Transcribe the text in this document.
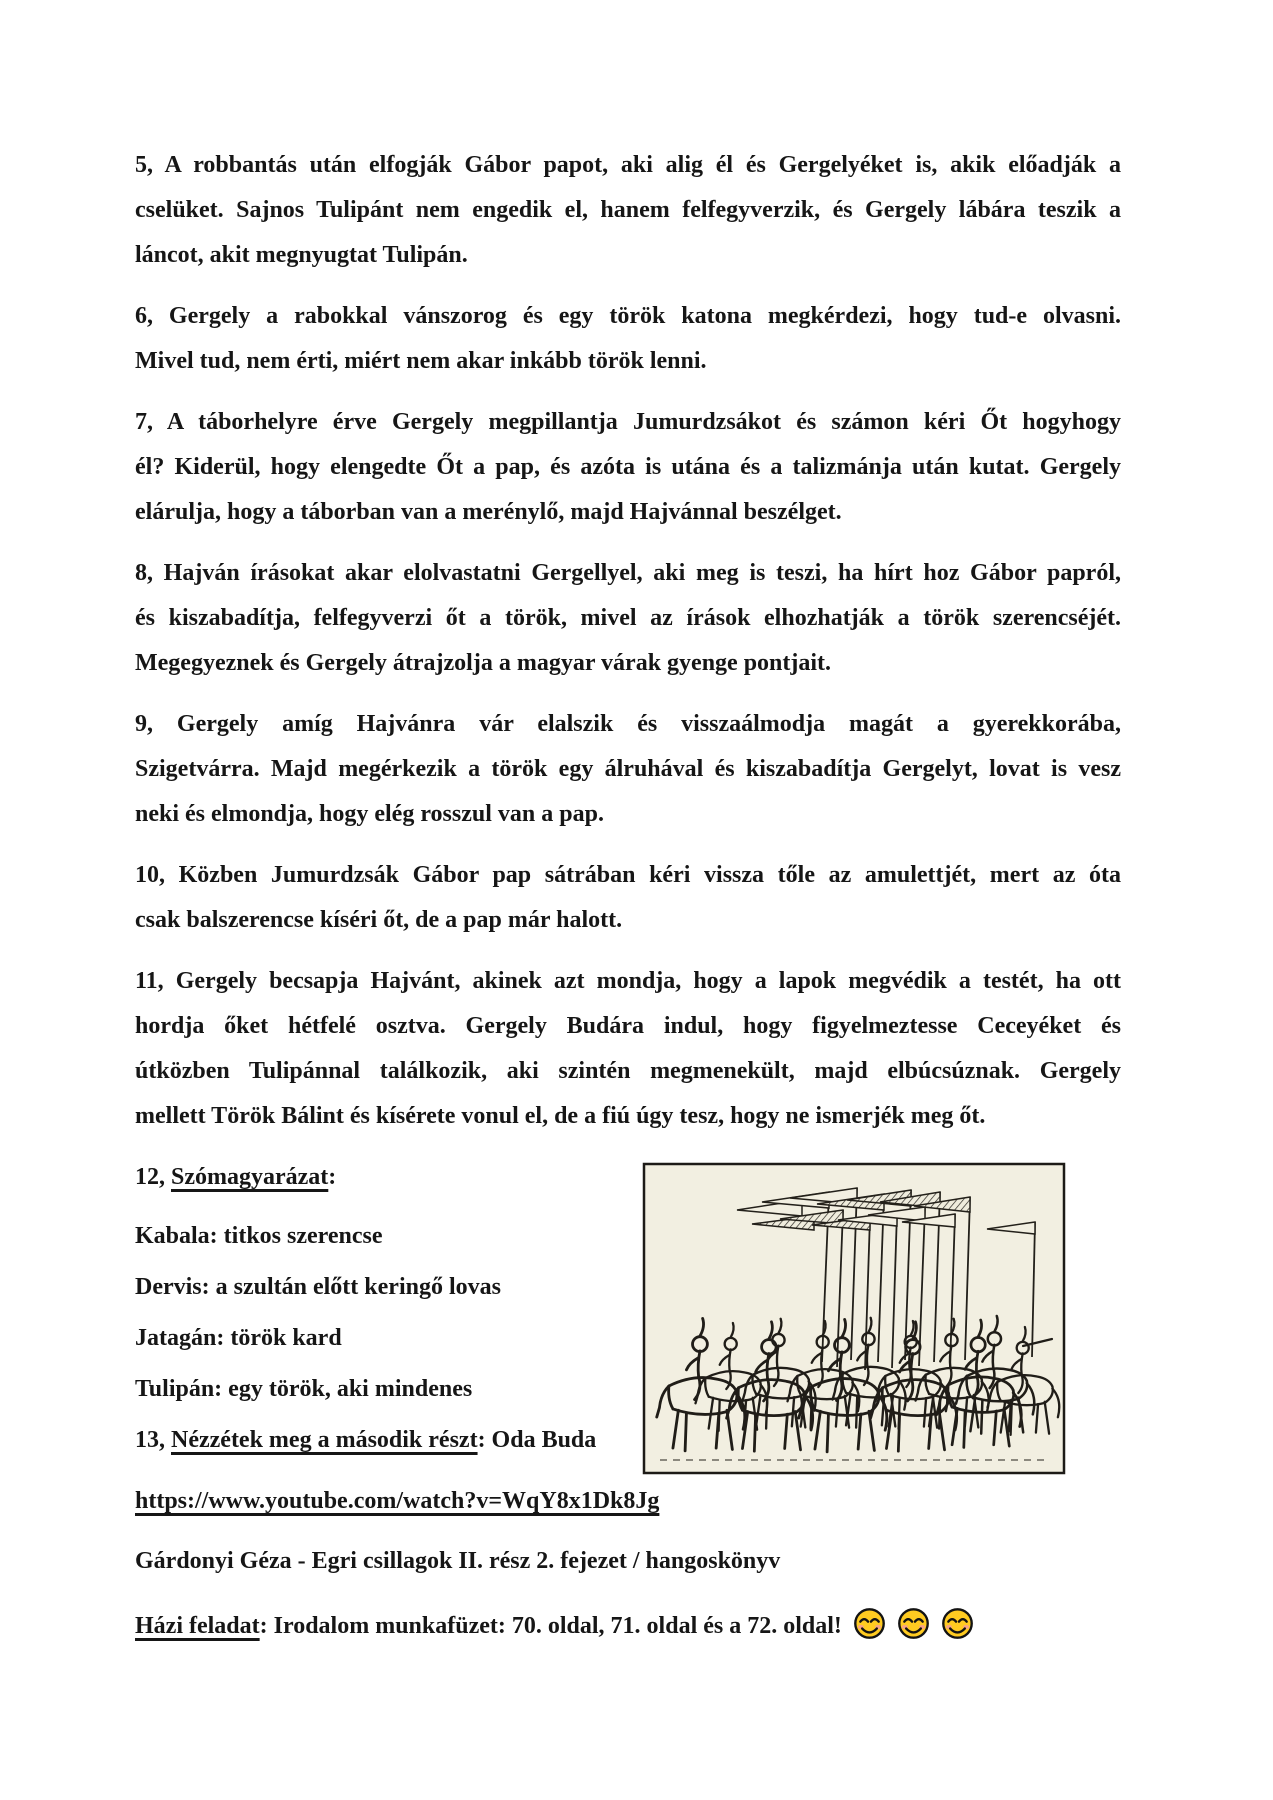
5, A robbantás után elfogják Gábor papot, aki alig él és Gergelyéket is, akik előadják a
cselüket. Sajnos Tulipánt nem engedik el, hanem felfegyverzik, és Gergely lábára teszik a
láncot, akit megnyugtat Tulipán.
6, Gergely a rabokkal vánszorog és egy török katona megkérdezi, hogy tud-e olvasni.
Mivel tud, nem érti, miért nem akar inkább török lenni.
7, A táborhelyre érve Gergely megpillantja Jumurdzsákot és számon kéri Őt hogyhogy
él? Kiderül, hogy elengedte Őt a pap, és azóta is utána és a talizmánja után kutat. Gergely
elárulja, hogy a táborban van a merénylő, majd Hajvánnal beszélget.
8, Hajván írásokat akar elolvastatni Gergellyel, aki meg is teszi, ha hírt hoz Gábor papról,
és kiszabadítja, felfegyverzi őt a török, mivel az írások elhozhatják a török szerencséjét.
Megegyeznek és Gergely átrajzolja a magyar várak gyenge pontjait.
9, Gergely amíg Hajvánra vár elalszik és visszaálmodja magát a gyerekkorába,
Szigetvárra. Majd megérkezik a török egy álruhával és kiszabadítja Gergelyt, lovat is vesz
neki és elmondja, hogy elég rosszul van a pap.
10, Közben Jumurdzsák Gábor pap sátrában kéri vissza tőle az amulettjét, mert az óta
csak balszerencse kíséri őt, de a pap már halott.
11, Gergely becsapja Hajvánt, akinek azt mondja, hogy a lapok megvédik a testét, ha ott
hordja őket hétfelé osztva. Gergely Budára indul, hogy figyelmeztesse Ceceyéket és
útközben Tulipánnal találkozik, aki szintén megmenekült, majd elbúcsúznak. Gergely
mellett Török Bálint és kísérete vonul el, de a fiú úgy tesz, hogy ne ismerjék meg őt.
12, Szómagyarázat:
Kabala: titkos szerencse
Dervis: a szultán előtt keringő lovas
Jatagán: török kard
Tulipán: egy török, aki mindenes
13, Nézzétek meg a második részt: Oda Buda
https://www.youtube.com/watch?v=WqY8x1Dk8Jg
Gárdonyi Géza - Egri csillagok II. rész 2. fejezet / hangoskönyv
Házi feladat: Irodalom munkafüzet: 70. oldal, 71. oldal és a 72. oldal!
